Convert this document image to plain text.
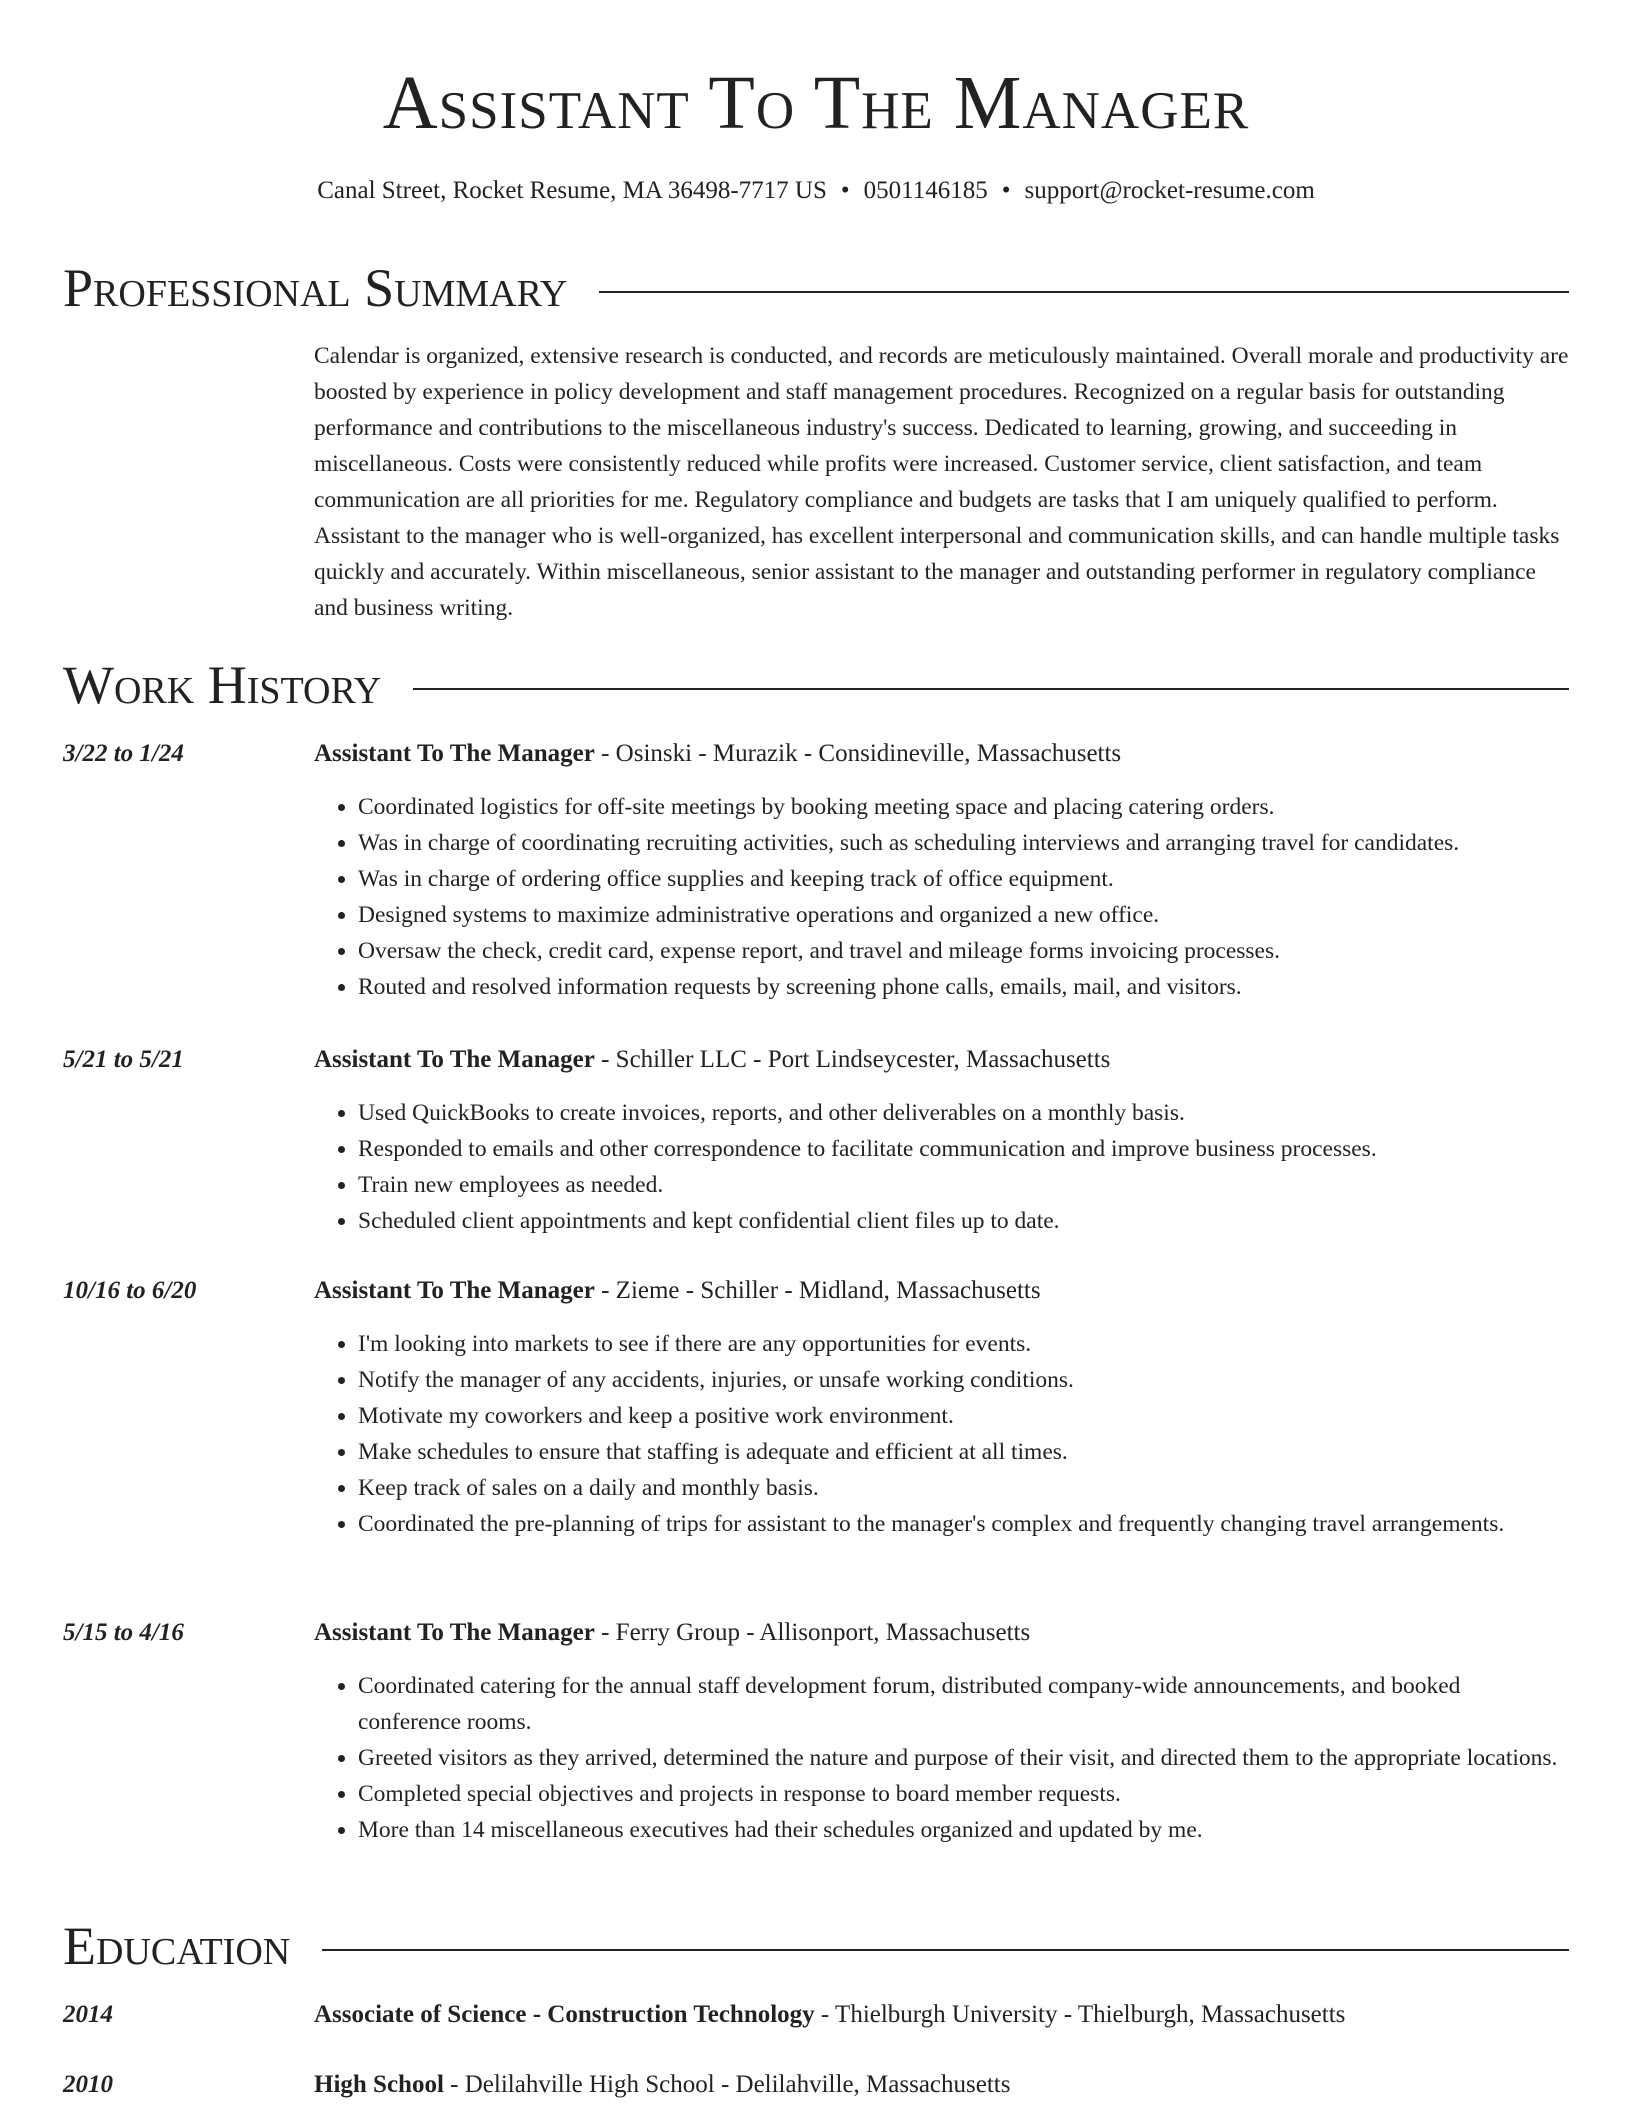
Assistant To The Manager
Canal Street, Rocket Resume, MA 36498-7717 US • 0501146185 • support@rocket-resume.com
Professional Summary

Calendar is organized, extensive research is conducted, and records are meticulously maintained. Overall morale and productivity are boosted by experience in policy development and staff management procedures. Recognized on a regular basis for outstanding performance and contributions to the miscellaneous industry's success. Dedicated to learning, growing, and succeeding in miscellaneous. Costs were consistently reduced while profits were increased. Customer service, client satisfaction, and team communication are all priorities for me. Regulatory compliance and budgets are tasks that I am uniquely qualified to perform. Assistant to the manager who is well-organized, has excellent interpersonal and communication skills, and can handle multiple tasks quickly and accurately. Within miscellaneous, senior assistant to the manager and outstanding performer in regulatory compliance and business writing.

Work History
3/22 to 1/24	Assistant To The Manager - Osinski - Murazik - Considineville, Massachusetts
• Coordinated logistics for off-site meetings by booking meeting space and placing catering orders.
• Was in charge of coordinating recruiting activities, such as scheduling interviews and arranging travel for candidates.
• Was in charge of ordering office supplies and keeping track of office equipment.
• Designed systems to maximize administrative operations and organized a new office.
• Oversaw the check, credit card, expense report, and travel and mileage forms invoicing processes.
• Routed and resolved information requests by screening phone calls, emails, mail, and visitors.
5/21 to 5/21	Assistant To The Manager - Schiller LLC - Port Lindseycester, Massachusetts
• Used QuickBooks to create invoices, reports, and other deliverables on a monthly basis.
• Responded to emails and other correspondence to facilitate communication and improve business processes.
• Train new employees as needed.
• Scheduled client appointments and kept confidential client files up to date.
10/16 to 6/20	Assistant To The Manager - Zieme - Schiller - Midland, Massachusetts
• I'm looking into markets to see if there are any opportunities for events.
• Notify the manager of any accidents, injuries, or unsafe working conditions.
• Motivate my coworkers and keep a positive work environment.
• Make schedules to ensure that staffing is adequate and efficient at all times.
• Keep track of sales on a daily and monthly basis.
• Coordinated the pre-planning of trips for assistant to the manager's complex and frequently changing travel arrangements.
5/15 to 4/16	Assistant To The Manager - Ferry Group - Allisonport, Massachusetts
• Coordinated catering for the annual staff development forum, distributed company-wide announcements, and booked conference rooms.
• Greeted visitors as they arrived, determined the nature and purpose of their visit, and directed them to the appropriate locations.
• Completed special objectives and projects in response to board member requests.
• More than 14 miscellaneous executives had their schedules organized and updated by me.
Education
2014	Associate of Science - Construction Technology - Thielburgh University - Thielburgh, Massachusetts
2010	High School - Delilahville High School - Delilahville, Massachusetts
